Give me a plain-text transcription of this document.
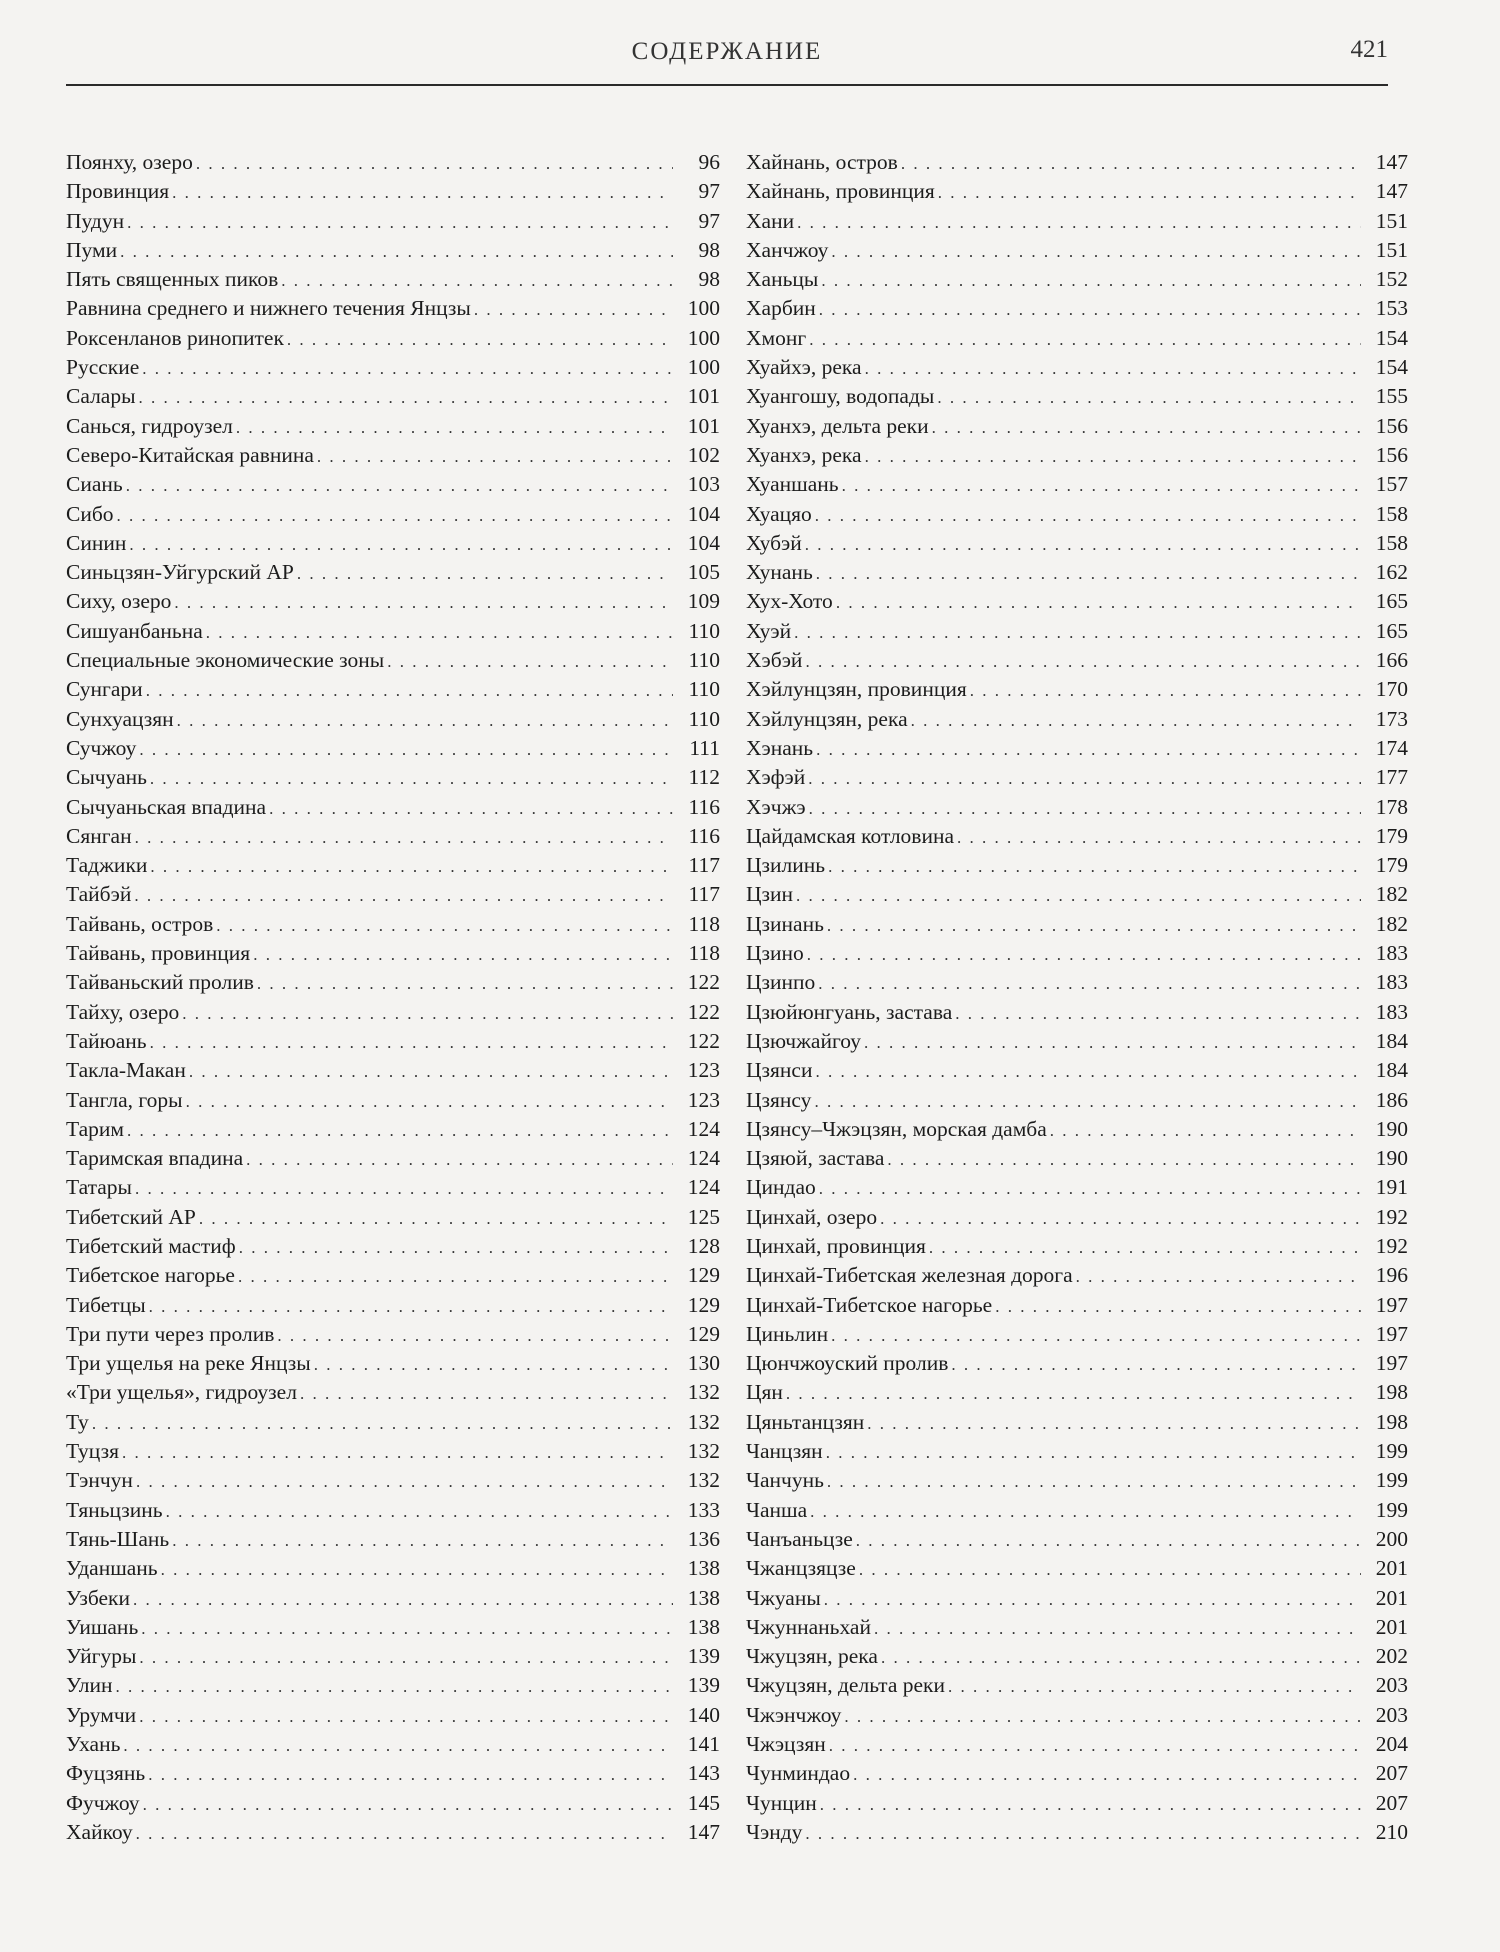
СОДЕРЖАНИЕ	421
Поянху, озеро . . .	96
Провинция . . .	97
Пудун . . .	97
Пуми . . .	98
Пять священных пиков . . .	98
Равнина среднего и нижнего течения Янцзы . . .	100
Роксенланов ринопитек . . .	100
Русские . . .	100
Салары . . .	101
Санься, гидроузел . . .	101
Северо-Китайская равнина . . .	102
Сиань . . .	103
Сибо . . .	104
Синин . . .	104
Синьцзян-Уйгурский АР . . .	105
Сиху, озеро . . .	109
Сишуанбаньна . . .	110
Специальные экономические зоны . . .	110
Сунгари . . .	110
Сунхуацзян . . .	110
Сучжоу . . .	111
Сычуань . . .	112
Сычуаньская впадина . . .	116
Сянган . . .	116
Таджики . . .	117
Тайбэй . . .	117
Тайвань, остров . . .	118
Тайвань, провинция . . .	118
Тайваньский пролив . . .	122
Тайху, озеро . . .	122
Тайюань . . .	122
Такла-Макан . . .	123
Тангла, горы . . .	123
Тарим . . .	124
Таримская впадина . . .	124
Татары . . .	124
Тибетский АР . . .	125
Тибетский мастиф . . .	128
Тибетское нагорье . . .	129
Тибетцы . . .	129
Три пути через пролив . . .	129
Три ущелья на реке Янцзы . . .	130
«Три ущелья», гидроузел . . .	132
Ту . . .	132
Туцзя . . .	132
Тэнчун . . .	132
Тяньцзинь . . .	133
Тянь-Шань . . .	136
Уданшань . . .	138
Узбеки . . .	138
Уишань . . .	138
Уйгуры . . .	139
Улин . . .	139
Урумчи . . .	140
Ухань . . .	141
Фуцзянь . . .	143
Фучжоу . . .	145
Хайкоу . . .	147
Хайнань, остров . . .	147
Хайнань, провинция . . .	147
Хани . . .	151
Ханчжоу . . .	151
Ханьцы . . .	152
Харбин . . .	153
Хмонг . . .	154
Хуайхэ, река . . .	154
Хуангошу, водопады . . .	155
Хуанхэ, дельта реки . . .	156
Хуанхэ, река . . .	156
Хуаншань . . .	157
Хуацяо . . .	158
Хубэй . . .	158
Хунань . . .	162
Хух-Хото . . .	165
Хуэй . . .	165
Хэбэй . . .	166
Хэйлунцзян, провинция . . .	170
Хэйлунцзян, река . . .	173
Хэнань . . .	174
Хэфэй . . .	177
Хэчжэ . . .	178
Цайдамская котловина . . .	179
Цзилинь . . .	179
Цзин . . .	182
Цзинань . . .	182
Цзино . . .	183
Цзинпо . . .	183
Цзюйюнгуань, застава . . .	183
Цзючжайгоу . . .	184
Цзянси . . .	184
Цзянсу . . .	186
Цзянсу–Чжэцзян, морская дамба . . .	190
Цзяюй, застава . . .	190
Циндао . . .	191
Цинхай, озеро . . .	192
Цинхай, провинция . . .	192
Цинхай-Тибетская железная дорога . . .	196
Цинхай-Тибетское нагорье . . .	197
Циньлин . . .	197
Цюнчжоуский пролив . . .	197
Цян . . .	198
Цяньтанцзян . . .	198
Чанцзян . . .	199
Чанчунь . . .	199
Чанша . . .	199
Чанъаньцзе . . .	200
Чжанцзяцзе . . .	201
Чжуаны . . .	201
Чжуннаньхай . . .	201
Чжуцзян, река . . .	202
Чжуцзян, дельта реки . . .	203
Чжэнчжоу . . .	203
Чжэцзян . . .	204
Чунминдао . . .	207
Чунцин . . .	207
Чэнду . . .	210
